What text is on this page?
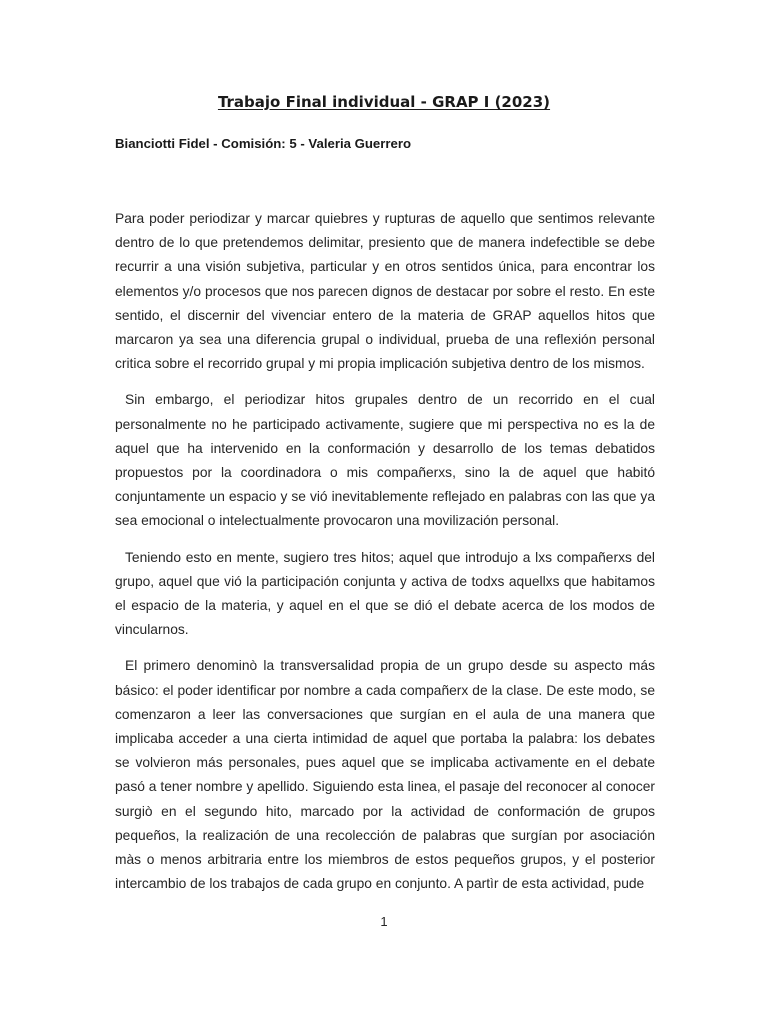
Trabajo Final individual - GRAP I (2023)
Bianciotti Fidel - Comisión: 5 - Valeria Guerrero

Para poder periodizar y marcar quiebres y rupturas de aquello que sentimos relevante dentro de lo que pretendemos delimitar, presiento que de manera indefectible se debe recurrir a una visión subjetiva, particular y en otros sentidos única, para encontrar los elementos y/o procesos que nos parecen dignos de destacar por sobre el resto. En este sentido, el discernir del vivenciar entero de la materia de GRAP aquellos hitos que marcaron ya sea una diferencia grupal o individual, prueba de una reflexión personal critica sobre el recorrido grupal y mi propia implicación subjetiva dentro de los mismos.

Sin embargo, el periodizar hitos grupales dentro de un recorrido en el cual personalmente no he participado activamente, sugiere que mi perspectiva no es la de aquel que ha intervenido en la conformación y desarrollo de los temas debatidos propuestos por la coordinadora o mis compañerxs, sino la de aquel que habitó conjuntamente un espacio y se vió inevitablemente reflejado en palabras con las que ya sea emocional o intelectualmente provocaron una movilización personal.

Teniendo esto en mente, sugiero tres hitos; aquel que introdujo a lxs compañerxs del grupo, aquel que vió la participación conjunta y activa de todxs aquellxs que habitamos el espacio de la materia, y aquel en el que se dió el debate acerca de los modos de vincularnos.

El primero denominò la transversalidad propia de un grupo desde su aspecto más básico: el poder identificar por nombre a cada compañerx de la clase. De este modo, se comenzaron a leer las conversaciones que surgían en el aula de una manera que implicaba acceder a una cierta intimidad de aquel que portaba la palabra: los debates se volvieron más personales, pues aquel que se implicaba activamente en el debate pasó a tener nombre y apellido. Siguiendo esta linea, el pasaje del reconocer al conocer surgiò en el segundo hito, marcado por la actividad de conformación de grupos pequeños, la realización de una recolección de palabras que surgían por asociación màs o menos arbitraria entre los miembros de estos pequeños grupos, y el posterior intercambio de los trabajos de cada grupo en conjunto. A partìr de esta actividad, pude

1
